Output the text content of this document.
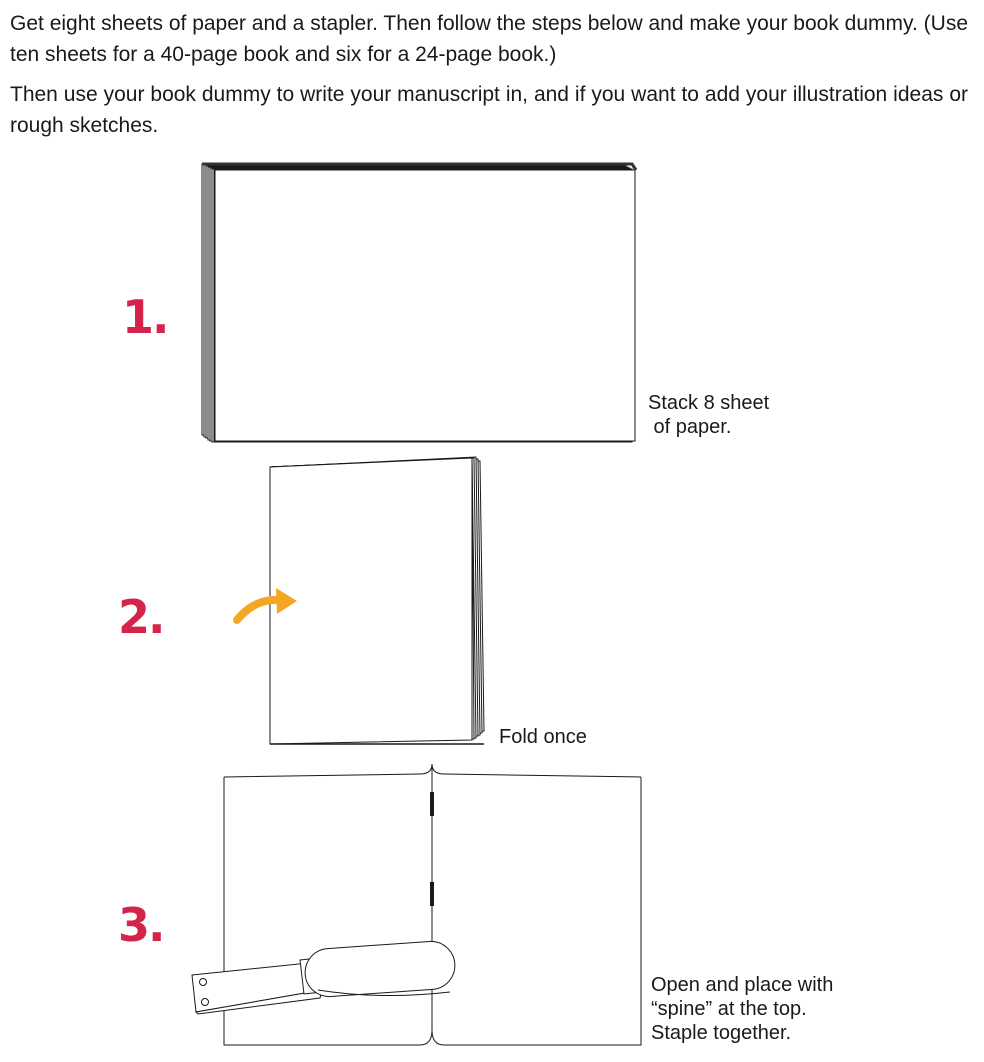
Get eight sheets of paper and a stapler. Then follow the steps below and make your book dummy. (Use ten sheets for a 40-page book and six for a 24-page book.)

Then use your book dummy to write your manuscript in, and if you want to add your illustration ideas or rough sketches.

1.
2.
3.
Stack 8 sheet
of paper.
Fold once
Open and place with
“spine” at the top.
Staple together.
